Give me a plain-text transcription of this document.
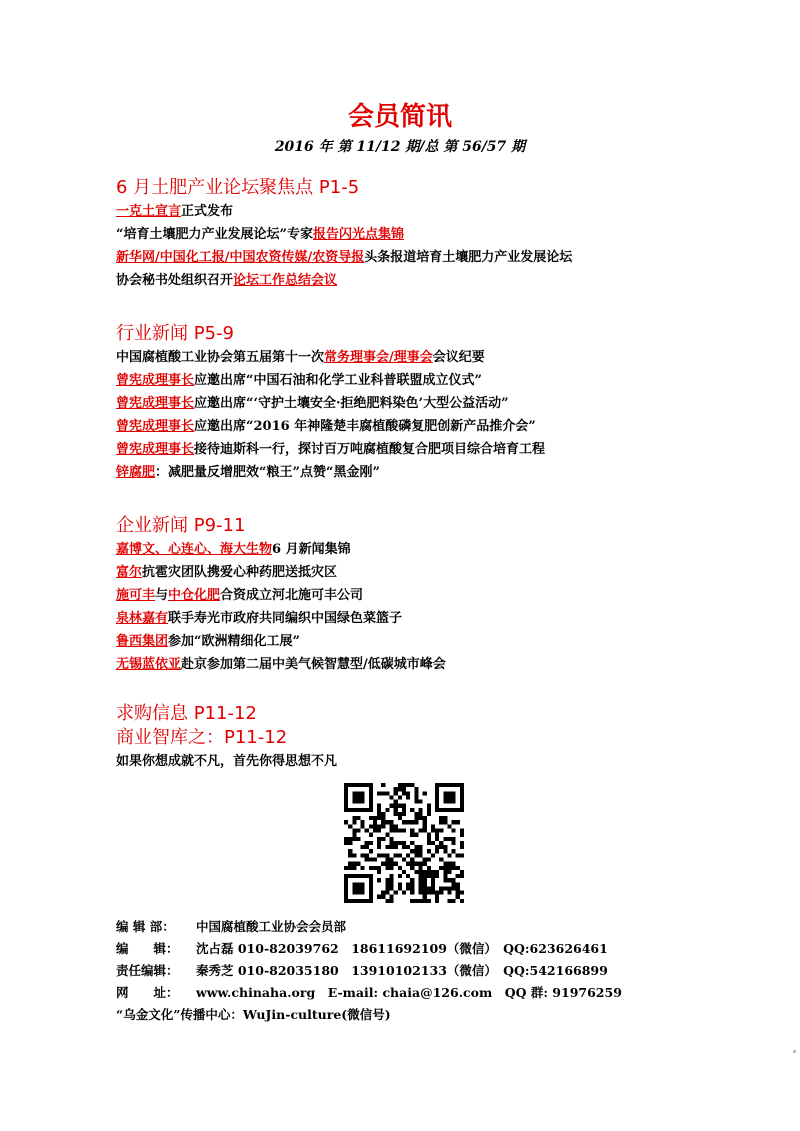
会员简讯
2016 年 第 11/12 期/总 第 56/57 期
6 月土肥产业论坛聚焦点 P1-5
一克土宣言正式发布
“培育土壤肥力产业发展论坛”专家报告闪光点集锦
新华网/中国化工报/中国农资传媒/农资导报头条报道培育土壤肥力产业发展论坛
协会秘书处组织召开论坛工作总结会议
行业新闻 P5-9
中国腐植酸工业协会第五届第十一次常务理事会/理事会会议纪要
曾宪成理事长应邀出席“中国石油和化学工业科普联盟成立仪式”
曾宪成理事长应邀出席“‘守护土壤安全·拒绝肥料染色’大型公益活动”
曾宪成理事长应邀出席“2016 年神隆楚丰腐植酸磷复肥创新产品推介会”
曾宪成理事长接待迪斯科一行，探讨百万吨腐植酸复合肥项目综合培育工程
锌腐肥：减肥量反增肥效“粮王”点赞“黑金刚”
企业新闻 P9-11
嘉博文、心连心、海大生物6 月新闻集锦
富尔抗雹灾团队携爱心种药肥送抵灾区
施可丰与中仓化肥合资成立河北施可丰公司
泉林嘉有联手寿光市政府共同编织中国绿色菜篮子
鲁西集团参加“欧洲精细化工展”
无锡蓝依亚赴京参加第二届中美气候智慧型/低碳城市峰会
求购信息 P11-12
商业智库之：P11-12
如果你想成就不凡，首先你得思想不凡
编 辑 部： 中国腐植酸工业协会会员部
编　　辑： 沈占磊 010-82039762　18611692109（微信）　QQ:623626461
责任编辑： 秦秀芝 010-82035180　13910102133（微信）　QQ:542166899
网　　址： www.chinaha.org　E-mail: chaia@126.com　QQ 群: 91976259
“乌金文化”传播中心：WuJin-culture(微信号)
